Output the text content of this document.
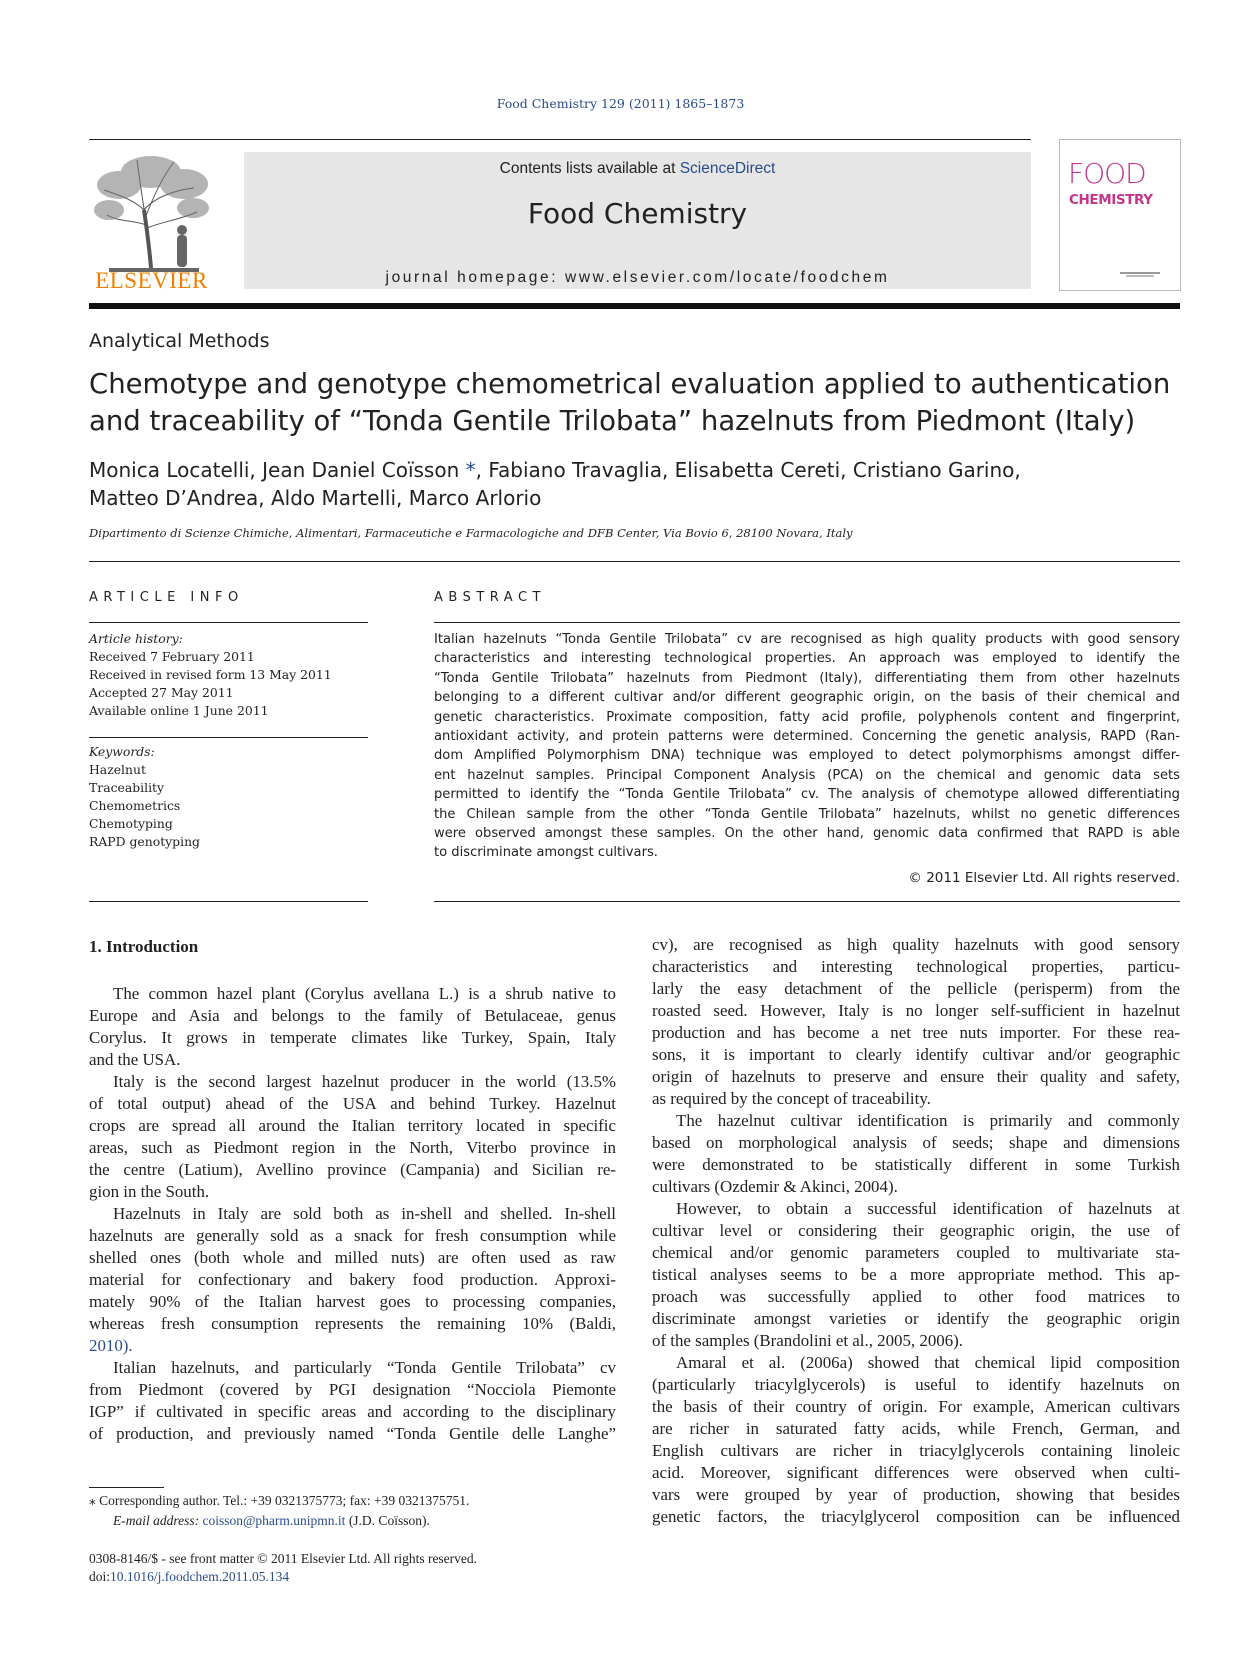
Food Chemistry 129 (2011) 1865–1873
ELSEVIER
Contents lists available at ScienceDirect
Food Chemistry
journal homepage: www.elsevier.com/locate/foodchem
FOOD
CHEMISTRY
Analytical Methods
Chemotype and genotype chemometrical evaluation applied to authentication
and traceability of “Tonda Gentile Trilobata” hazelnuts from Piedmont (Italy)
Monica Locatelli, Jean Daniel Coïsson *, Fabiano Travaglia, Elisabetta Cereti, Cristiano Garino,
Matteo D’Andrea, Aldo Martelli, Marco Arlorio
Dipartimento di Scienze Chimiche, Alimentari, Farmaceutiche e Farmacologiche and DFB Center, Via Bovio 6, 28100 Novara, Italy
ARTICLE INFO	ABSTRACT
Article history:
Received 7 February 2011
Received in revised form 13 May 2011
Accepted 27 May 2011
Available online 1 June 2011
Keywords:
Hazelnut
Traceability
Chemometrics
Chemotyping
RAPD genotyping
Italian hazelnuts “Tonda Gentile Trilobata” cv are recognised as high quality products with good sensory
characteristics and interesting technological properties. An approach was employed to identify the
“Tonda Gentile Trilobata” hazelnuts from Piedmont (Italy), differentiating them from other hazelnuts
belonging to a different cultivar and/or different geographic origin, on the basis of their chemical and
genetic characteristics. Proximate composition, fatty acid profile, polyphenols content and fingerprint,
antioxidant activity, and protein patterns were determined. Concerning the genetic analysis, RAPD (Ran-
dom Amplified Polymorphism DNA) technique was employed to detect polymorphisms amongst differ-
ent hazelnut samples. Principal Component Analysis (PCA) on the chemical and genomic data sets
permitted to identify the “Tonda Gentile Trilobata” cv. The analysis of chemotype allowed differentiating
the Chilean sample from the other “Tonda Gentile Trilobata” hazelnuts, whilst no genetic differences
were observed amongst these samples. On the other hand, genomic data confirmed that RAPD is able
to discriminate amongst cultivars.
© 2011 Elsevier Ltd. All rights reserved.
1. Introduction
The common hazel plant (Corylus avellana L.) is a shrub native to
Europe and Asia and belongs to the family of Betulaceae, genus
Corylus. It grows in temperate climates like Turkey, Spain, Italy
and the USA.
Italy is the second largest hazelnut producer in the world (13.5%
of total output) ahead of the USA and behind Turkey. Hazelnut
crops are spread all around the Italian territory located in specific
areas, such as Piedmont region in the North, Viterbo province in
the centre (Latium), Avellino province (Campania) and Sicilian re-
gion in the South.
Hazelnuts in Italy are sold both as in-shell and shelled. In-shell
hazelnuts are generally sold as a snack for fresh consumption while
shelled ones (both whole and milled nuts) are often used as raw
material for confectionary and bakery food production. Approxi-
mately 90% of the Italian harvest goes to processing companies,
whereas fresh consumption represents the remaining 10% (Baldi,
2010).
Italian hazelnuts, and particularly “Tonda Gentile Trilobata” cv
from Piedmont (covered by PGI designation “Nocciola Piemonte
IGP” if cultivated in specific areas and according to the disciplinary
of production, and previously named “Tonda Gentile delle Langhe”
cv), are recognised as high quality hazelnuts with good sensory
characteristics and interesting technological properties, particu-
larly the easy detachment of the pellicle (perisperm) from the
roasted seed. However, Italy is no longer self-sufficient in hazelnut
production and has become a net tree nuts importer. For these rea-
sons, it is important to clearly identify cultivar and/or geographic
origin of hazelnuts to preserve and ensure their quality and safety,
as required by the concept of traceability.
The hazelnut cultivar identification is primarily and commonly
based on morphological analysis of seeds; shape and dimensions
were demonstrated to be statistically different in some Turkish
cultivars (Ozdemir & Akinci, 2004).
However, to obtain a successful identification of hazelnuts at
cultivar level or considering their geographic origin, the use of
chemical and/or genomic parameters coupled to multivariate sta-
tistical analyses seems to be a more appropriate method. This ap-
proach was successfully applied to other food matrices to
discriminate amongst varieties or identify the geographic origin
of the samples (Brandolini et al., 2005, 2006).
Amaral et al. (2006a) showed that chemical lipid composition
(particularly triacylglycerols) is useful to identify hazelnuts on
the basis of their country of origin. For example, American cultivars
are richer in saturated fatty acids, while French, German, and
English cultivars are richer in triacylglycerols containing linoleic
acid. Moreover, significant differences were observed when culti-
vars were grouped by year of production, showing that besides
genetic factors, the triacylglycerol composition can be influenced
⁎ Corresponding author. Tel.: +39 0321375773; fax: +39 0321375751.
E-mail address: coisson@pharm.unipmn.it (J.D. Coïsson).
0308-8146/$ - see front matter © 2011 Elsevier Ltd. All rights reserved.
doi:10.1016/j.foodchem.2011.05.134
